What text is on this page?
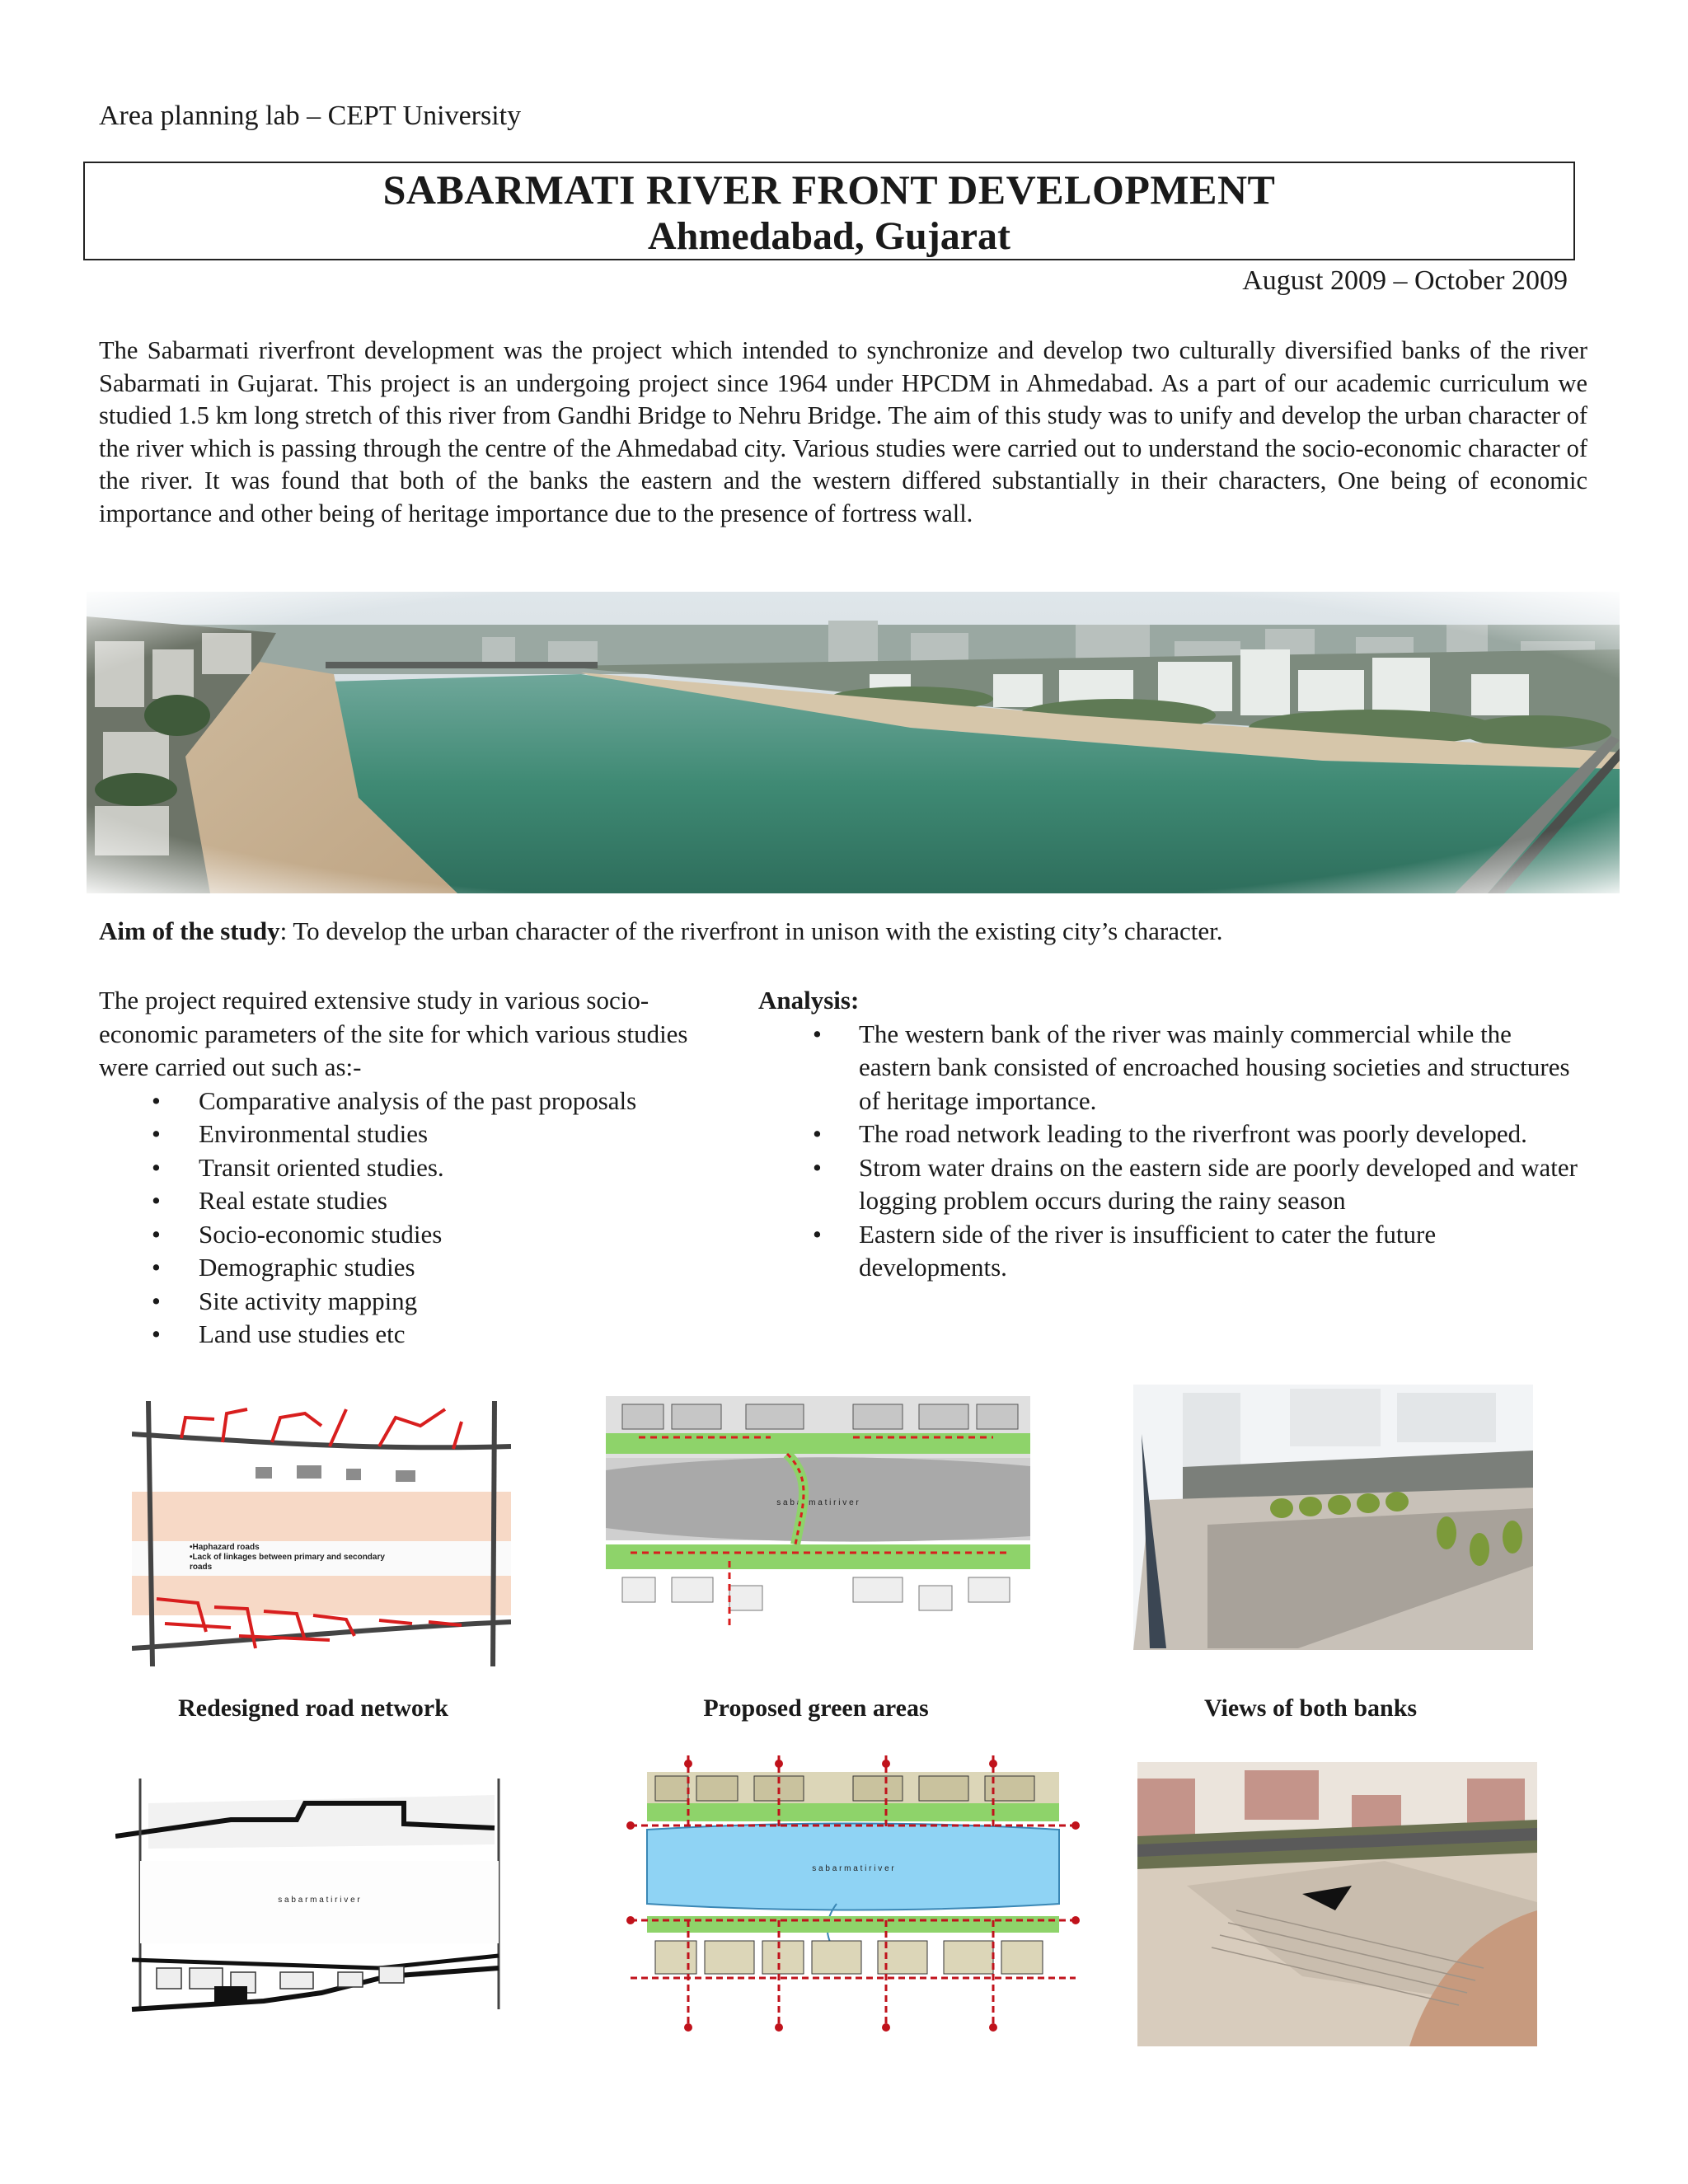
Area planning lab – CEPT University
SABARMATI RIVER FRONT DEVELOPMENT
Ahmedabad, Gujarat
August 2009 – October 2009

The Sabarmati riverfront development was the project which intended to synchronize and develop two culturally diversified banks of the river Sabarmati in Gujarat. This project is an undergoing project since 1964 under HPCDM in Ahmedabad. As a part of our academic curriculum we studied 1.5 km long stretch of this river from Gandhi Bridge to Nehru Bridge. The aim of this study was to unify and develop the urban character of the river which is passing through the centre of the Ahmedabad city. Various studies were carried out to understand the socio-economic character of the river. It was found that both of the banks the eastern and the western differed substantially in their characters, One being of economic importance and other being of heritage importance due to the presence of fortress wall.

Aim of the study: To develop the urban character of the riverfront in unison with the existing city’s character.

The project required extensive study in various socio- economic parameters of the site for which various studies were carried out such as:-

• Comparative analysis of the past proposals
• Environmental studies
• Transit oriented studies.
• Real estate studies
• Socio-economic studies
• Demographic studies
• Site activity mapping
• Land use studies etc

Analysis:

• The western bank of the river was mainly commercial while the eastern bank consisted of encroached housing societies and structures of heritage importance.
• The road network leading to the riverfront was poorly developed.
• Strom water drains on the eastern side are poorly developed and water logging problem occurs during the rainy season
• Eastern side of the river is insufficient to cater the future developments.
•Haphazard roads
•Lack of linkages between primary and secondary
roads
s a b a r m a t i r i v e r
Redesigned road network	Proposed green areas	Views of both banks
s a b a r m a t i r i v e r
s a b a r m a t i r i v e r
